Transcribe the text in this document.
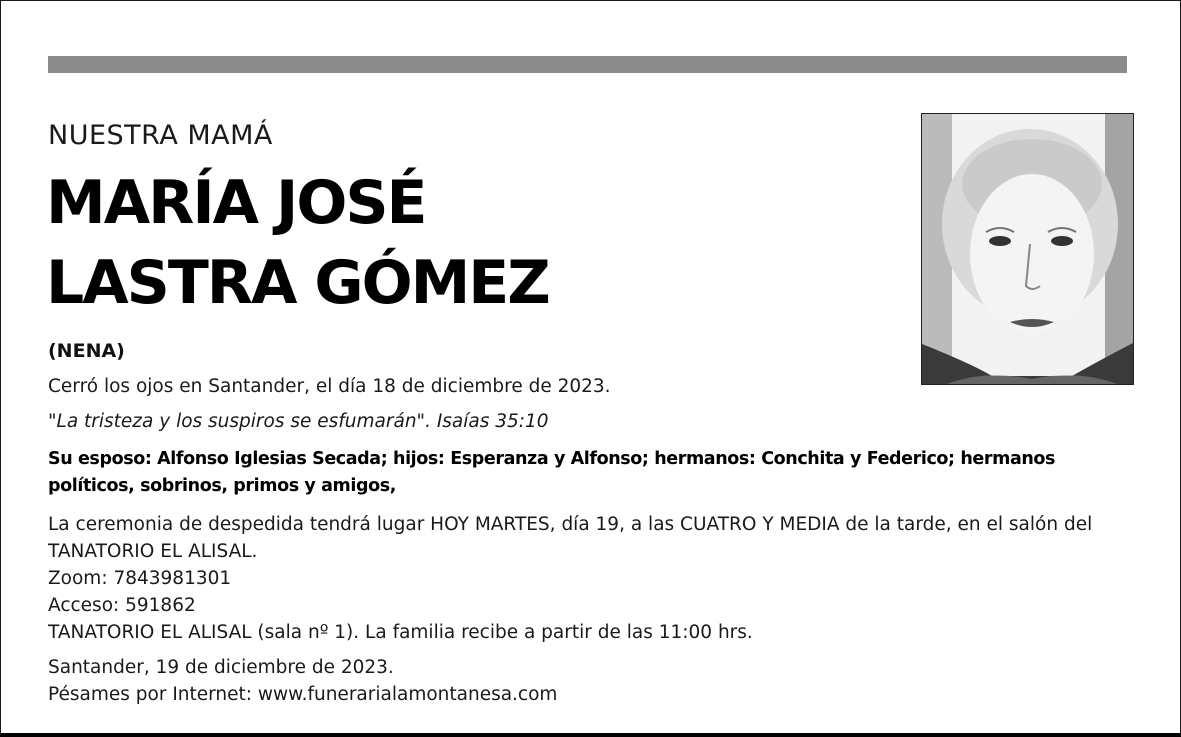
NUESTRA MAMÁ
MARÍA JOSÉ
LASTRA GÓMEZ
(NENA)
Cerró los ojos en Santander, el día 18 de diciembre de 2023.
"La tristeza y los suspiros se esfumarán". Isaías 35:10
Su esposo: Alfonso Iglesias Secada; hijos: Esperanza y Alfonso; hermanos: Conchita y Federico; hermanos políticos, sobrinos, primos y amigos,
La ceremonia de despedida tendrá lugar HOY MARTES, día 19, a las CUATRO Y MEDIA de la tarde, en el salón del TANATORIO EL ALISAL.
Zoom: 7843981301
Acceso: 591862
TANATORIO EL ALISAL (sala nº 1). La familia recibe a partir de las 11:00 hrs.
Santander, 19 de diciembre de 2023.
Pésames por Internet: www.funerarialamontanesa.com
